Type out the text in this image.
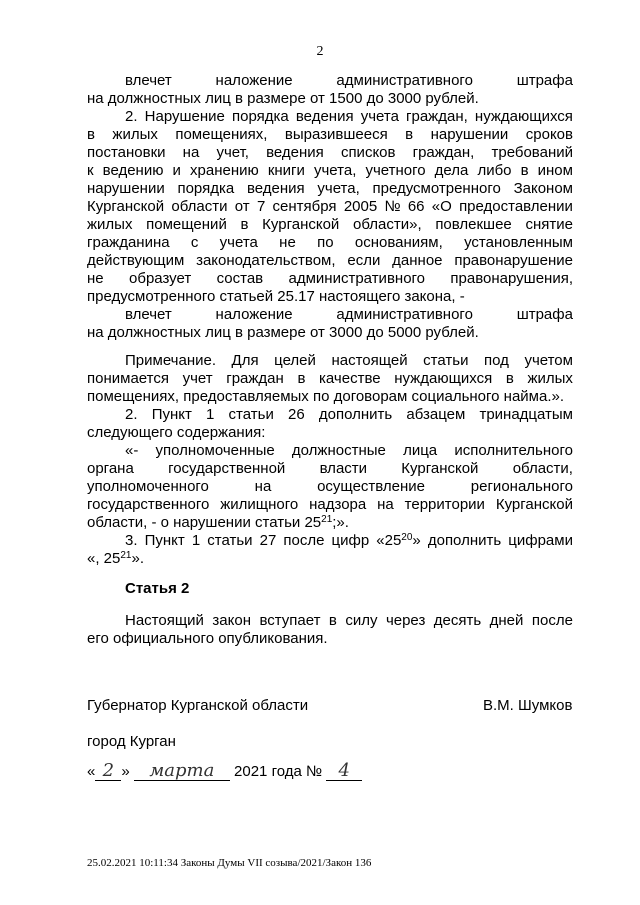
2
влечет	наложение	административного	штрафа
на должностных лиц в размере от 1500 до 3000 рублей.
2. Нарушение порядка ведения учета граждан, нуждающихся
в жилых помещениях, выразившееся в нарушении сроков
постановки на учет, ведения списков граждан, требований
к ведению и хранению книги учета, учетного дела либо в ином
нарушении порядка ведения учета, предусмотренного Законом
Курганской области от 7 сентября 2005 № 66 «О предоставлении
жилых помещений в Курганской области», повлекшее снятие
гражданина с учета не по основаниям, установленным
действующим законодательством, если данное правонарушение
не образует состав административного правонарушения,
предусмотренного статьей 25.17 настоящего закона, -
влечет	наложение	административного	штрафа
на должностных лиц в размере от 3000 до 5000 рублей.
Примечание. Для целей настоящей статьи под учетом
понимается учет граждан в качестве нуждающихся в жилых
помещениях, предоставляемых по договорам социального найма.».
2. Пункт 1 статьи 26 дополнить абзацем тринадцатым
следующего содержания:
«- уполномоченные должностные лица исполнительного
органа государственной власти Курганской области,
уполномоченного	на	осуществление	регионального
государственного жилищного надзора на территории Курганской
области, - о нарушении статьи $25^{21}$;».
3. Пункт 1 статьи 27 после цифр «$25^{20}$» дополнить цифрами
«, $25^{21}$».
Статья 2
Настоящий закон вступает в силу через десять дней после
его официального опубликования.
Губернатор Курганской области	В.М. Шумков
город Курган
« 2 » марта 2021 года № 4
25.02.2021 10:11:34 Законы Думы VII созыва/2021/Закон 136
